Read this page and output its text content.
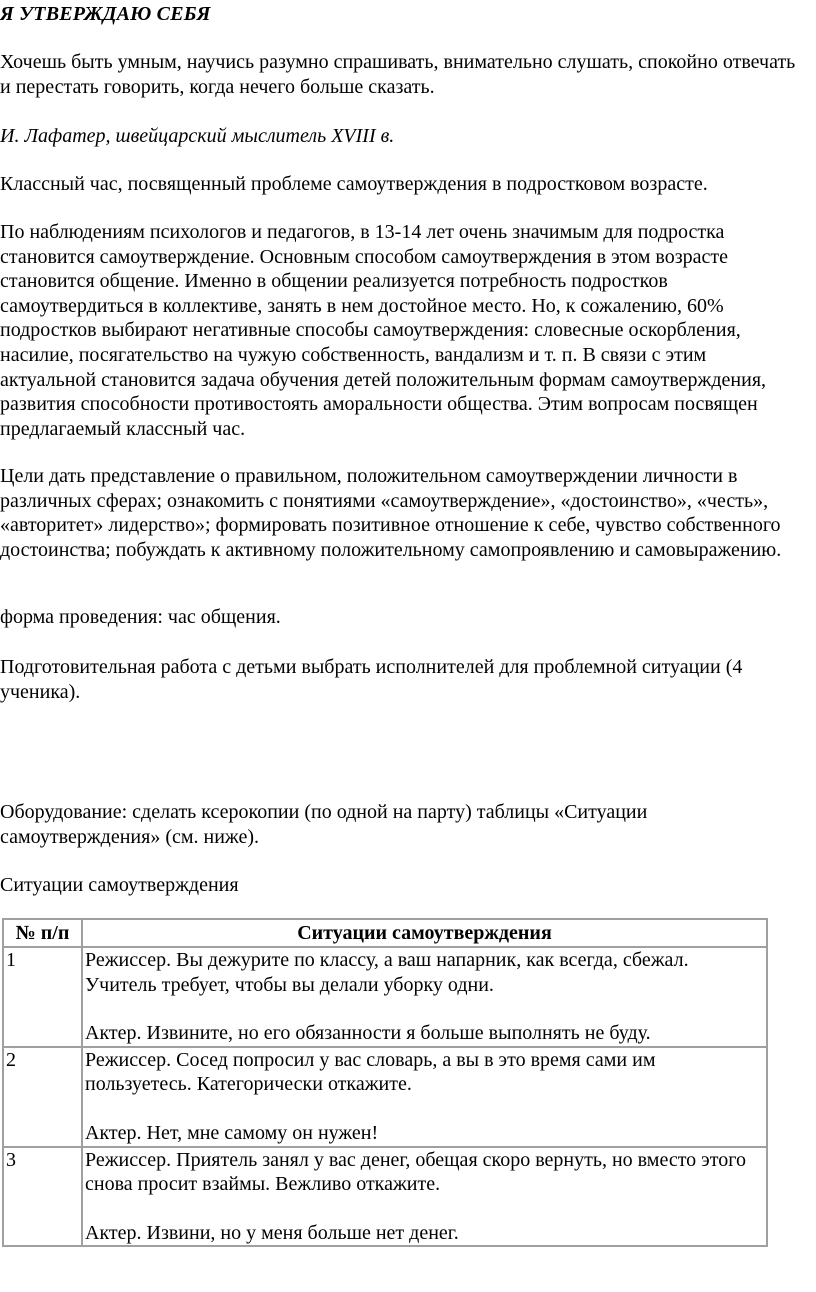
Я УТВЕРЖДАЮ СЕБЯ

Хочешь быть умным, научись разумно спрашивать, внимательно слушать, спокойно отвечать и перестать говорить, когда нечего больше сказать.

И. Лафатер, швейцарский мыслитель XVIII в.

Классный час, посвященный проблеме самоутверждения в подростковом возрасте.

По наблюдениям психологов и педагогов, в 13-14 лет очень значимым для подростка становится самоутверждение. Основным способом самоутверждения в этом возрасте становится общение. Именно в общении реализуется потребность подростков самоутвердиться в коллективе, занять в нем достойное место. Но, к сожалению, 60% подростков выбирают негативные способы самоутверждения: словесные оскорбления, насилие, посягательство на чужую собственность, вандализм и т. п. В связи с этим актуальной становится задача обучения детей положительным формам самоутверждения, развития способности противостоять аморальности общества. Этим вопросам посвящен предлагаемый классный час.

Цели дать представление о правильном, положительном самоутверждении личности в различных сферах; ознакомить с понятиями «самоутверждение», «достоинство», «честь», «авторитет» лидерство»; формировать позитивное отношение к себе, чувство собственного достоинства; побуждать к активному положительному самопроявлению и самовыражению.

форма проведения: час общения.

Подготовительная работа с детьми выбрать исполнителей для проблемной ситуации (4 ученика).

Оборудование: сделать ксерокопии (по одной на парту) таблицы «Ситуации самоутверждения» (см. ниже).

Ситуации самоутверждения

№ п/п	Ситуации самоутверждения
1	Режиссер. Вы дежурите по классу, а ваш напарник, как всегда, сбежал. Учитель требует, чтобы вы делали уборку одни.
Актер. Извините, но его обязанности я больше выполнять не буду.
2	Режиссер. Сосед попросил у вас словарь, а вы в это время сами им пользуетесь. Категорически откажите.
Актер. Нет, мне самому он нужен!
3	Режиссер. Приятель занял у вас денег, обещая скоро вернуть, но вместо этого снова просит взаймы. Вежливо откажите.
Актер. Извини, но у меня больше нет денег.
